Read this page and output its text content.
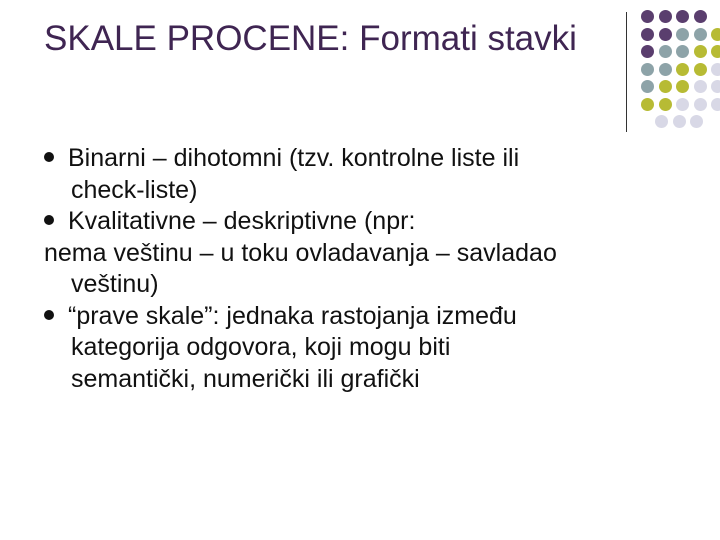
SKALE PROCENE: Formati stavki
Binarni – dihotomni (tzv. kontrolne liste ili
check-liste)
Kvalitativne – deskriptivne (npr:
nema veštinu – u toku ovladavanja – savladao
veštinu)
“prave skale”: jednaka rastojanja između
kategorija odgovora, koji mogu biti
semantički, numerički ili grafički
